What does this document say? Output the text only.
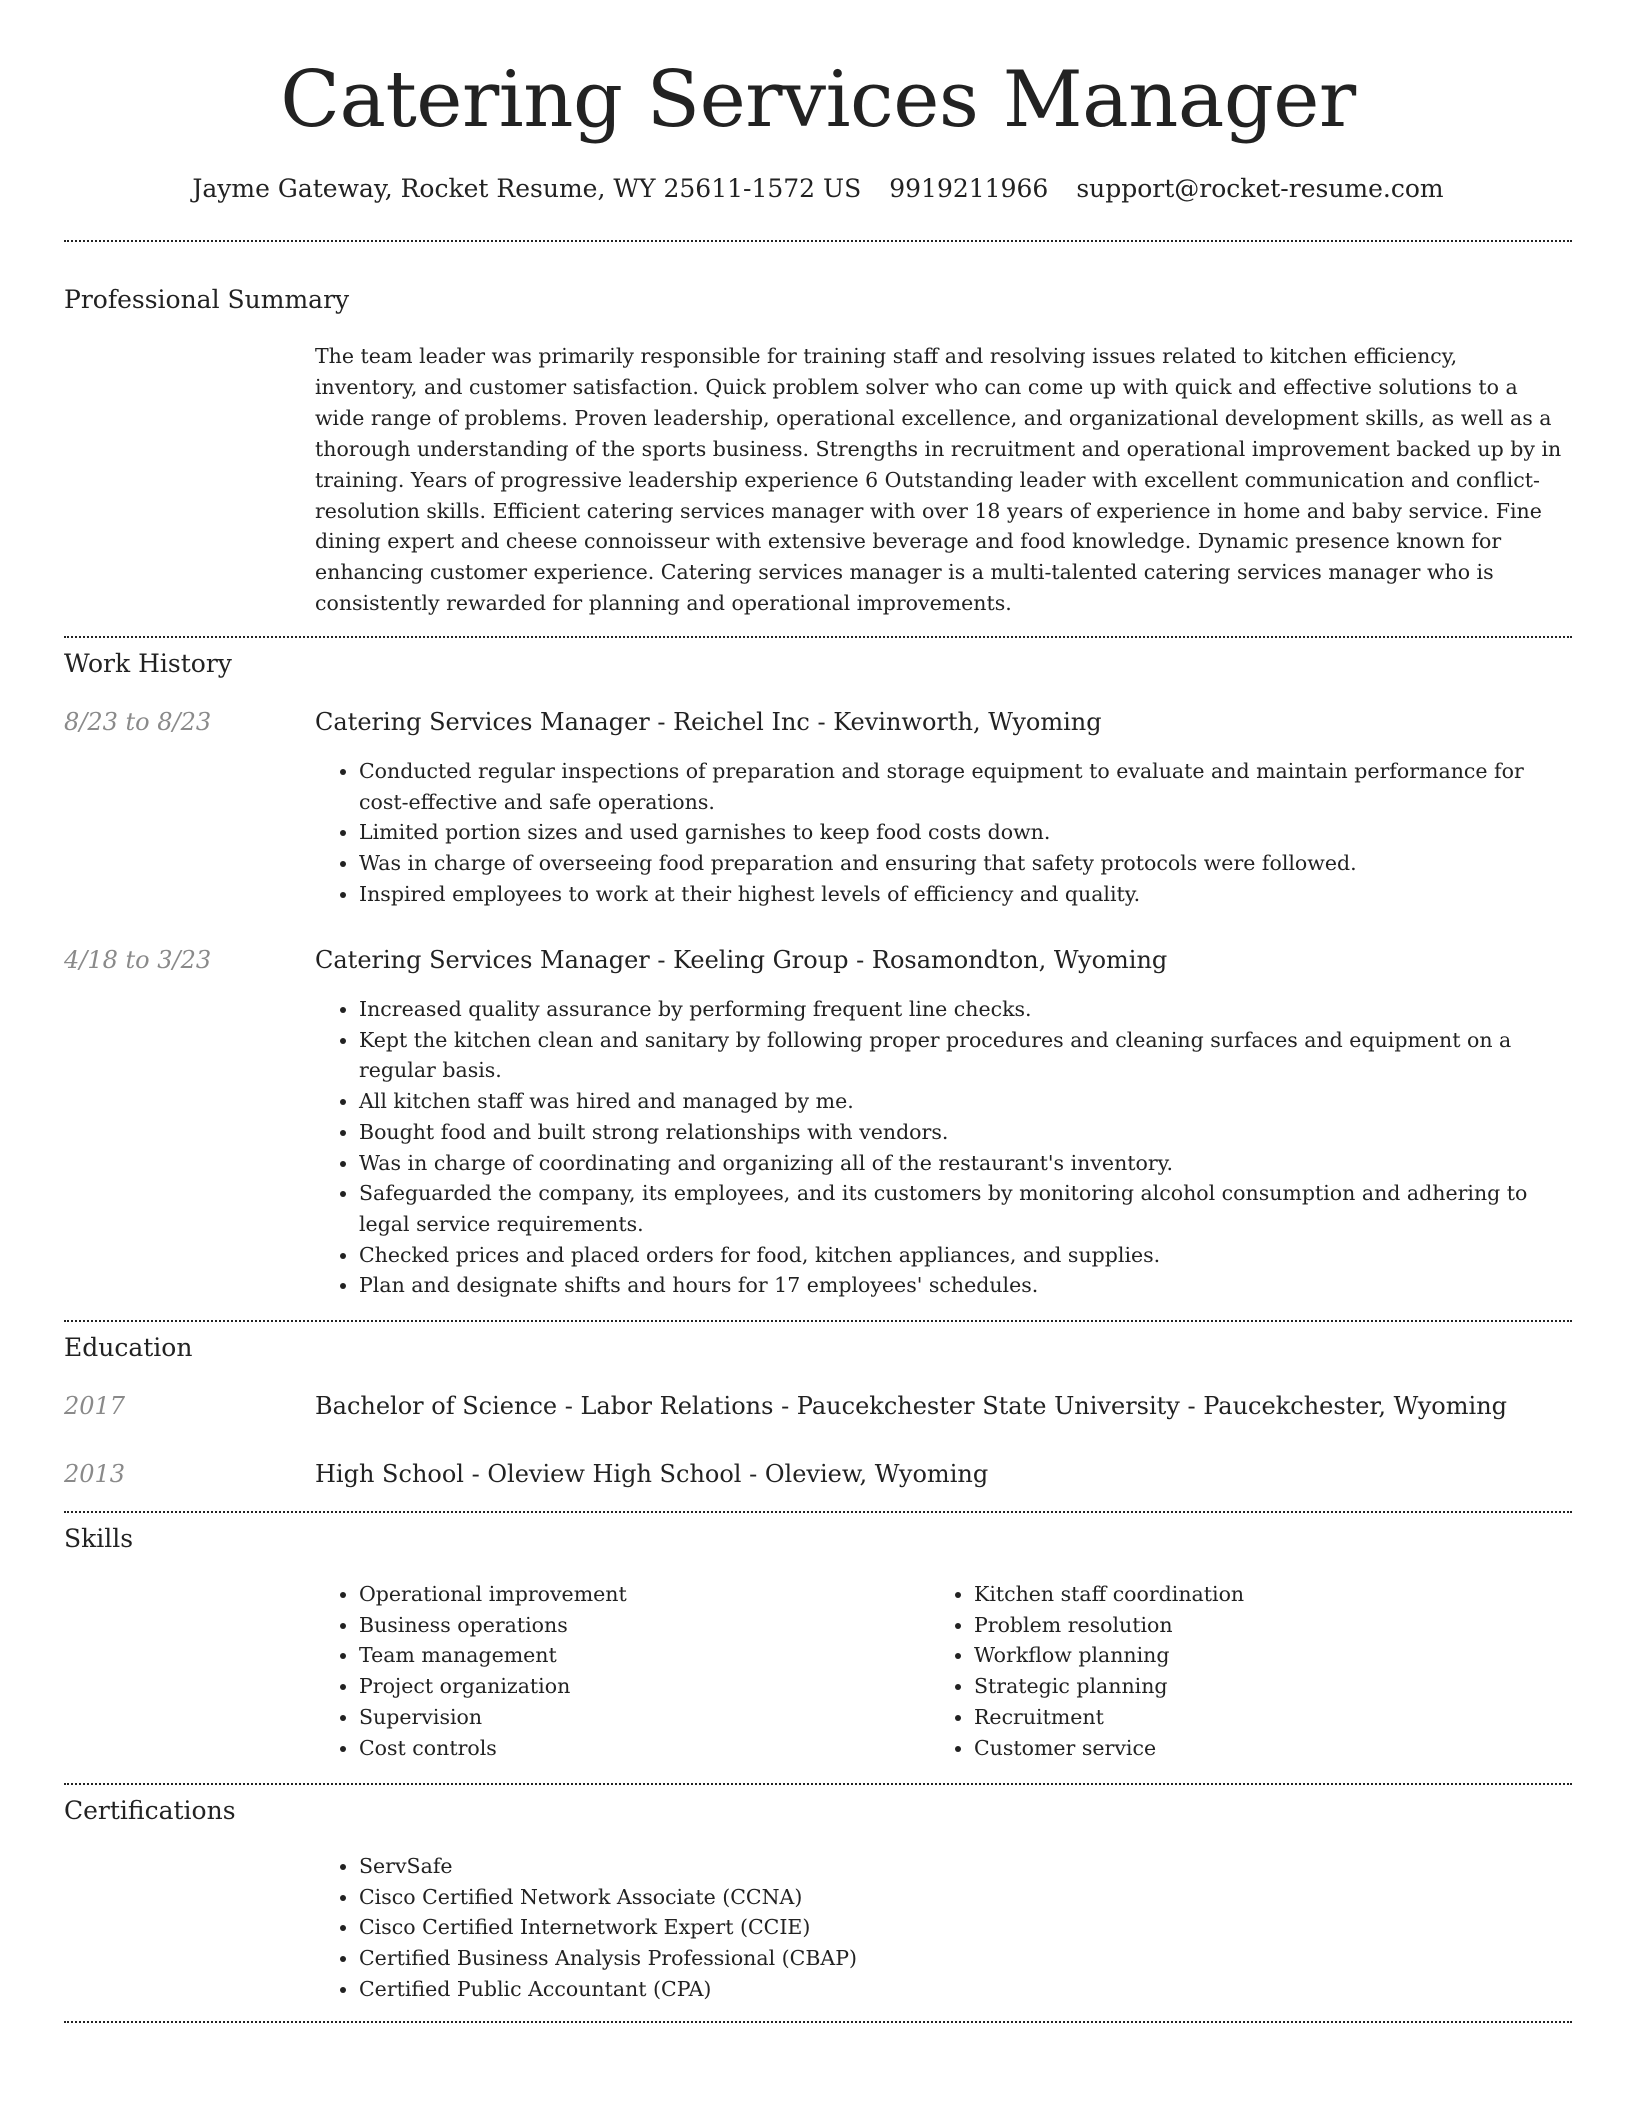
Catering Services Manager
Jayme Gateway, Rocket Resume, WY 25611-1572 US 9919211966 support@rocket-resume.com
Professional Summary
The team leader was primarily responsible for training staff and resolving issues related to kitchen efficiency, inventory, and customer satisfaction. Quick problem solver who can come up with quick and effective solutions to a wide range of problems. Proven leadership, operational excellence, and organizational development skills, as well as a thorough understanding of the sports business. Strengths in recruitment and operational improvement backed up by in training. Years of progressive leadership experience 6 Outstanding leader with excellent communication and conflict-resolution skills. Efficient catering services manager with over 18 years of experience in home and baby service. Fine dining expert and cheese connoisseur with extensive beverage and food knowledge. Dynamic presence known for enhancing customer experience. Catering services manager is a multi-talented catering services manager who is consistently rewarded for planning and operational improvements.
Work History
8/23 to 8/23	Catering Services Manager - Reichel Inc - Kevinworth, Wyoming
• Conducted regular inspections of preparation and storage equipment to evaluate and maintain performance for cost-effective and safe operations.
• Limited portion sizes and used garnishes to keep food costs down.
• Was in charge of overseeing food preparation and ensuring that safety protocols were followed.
• Inspired employees to work at their highest levels of efficiency and quality.
4/18 to 3/23	Catering Services Manager - Keeling Group - Rosamondton, Wyoming
• Increased quality assurance by performing frequent line checks.
• Kept the kitchen clean and sanitary by following proper procedures and cleaning surfaces and equipment on a regular basis.
• All kitchen staff was hired and managed by me.
• Bought food and built strong relationships with vendors.
• Was in charge of coordinating and organizing all of the restaurant's inventory.
• Safeguarded the company, its employees, and its customers by monitoring alcohol consumption and adhering to legal service requirements.
• Checked prices and placed orders for food, kitchen appliances, and supplies.
• Plan and designate shifts and hours for 17 employees' schedules.
Education
2017	Bachelor of Science - Labor Relations - Paucekchester State University - Paucekchester, Wyoming
2013	High School - Oleview High School - Oleview, Wyoming
Skills
• Operational improvement
• Business operations
• Team management
• Project organization
• Supervision
• Cost controls
• Kitchen staff coordination
• Problem resolution
• Workflow planning
• Strategic planning
• Recruitment
• Customer service
Certifications
• ServSafe
• Cisco Certified Network Associate (CCNA)
• Cisco Certified Internetwork Expert (CCIE)
• Certified Business Analysis Professional (CBAP)
• Certified Public Accountant (CPA)
